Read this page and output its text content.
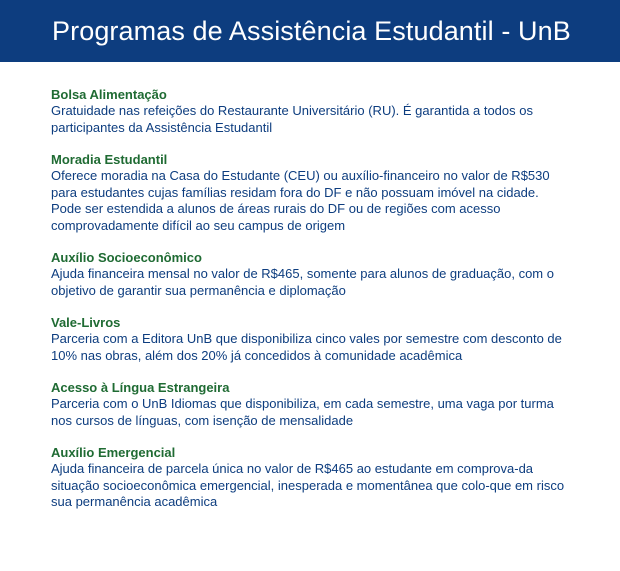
Programas de Assistência Estudantil - UnB
Bolsa Alimentação

Gratuidade nas refeições do Restaurante Universitário (RU). É garantida a todos os participantes da Assistência Estudantil

Moradia Estudantil

Oferece moradia na Casa do Estudante (CEU) ou auxílio-financeiro no valor de R$530 para estudantes cujas famílias residam fora do DF e não possuam imóvel na cidade. Pode ser estendida a alunos de áreas rurais do DF ou de regiões com acesso comprovadamente difícil ao seu campus de origem

Auxílio Socioeconômico

Ajuda financeira mensal no valor de R$465, somente para alunos de graduação, com o objetivo de garantir sua permanência e diplomação

Vale-Livros

Parceria com a Editora UnB que disponibiliza cinco vales por semestre com desconto de 10% nas obras, além dos 20% já concedidos à comunidade acadêmica

Acesso à Língua Estrangeira

Parceria com o UnB Idiomas que disponibiliza, em cada semestre, uma vaga por turma nos cursos de línguas, com isenção de mensalidade

Auxílio Emergencial

Ajuda financeira de parcela única no valor de R$465 ao estudante em comprova-da situação socioeconômica emergencial, inesperada e momentânea que colo-que em risco sua permanência acadêmica
